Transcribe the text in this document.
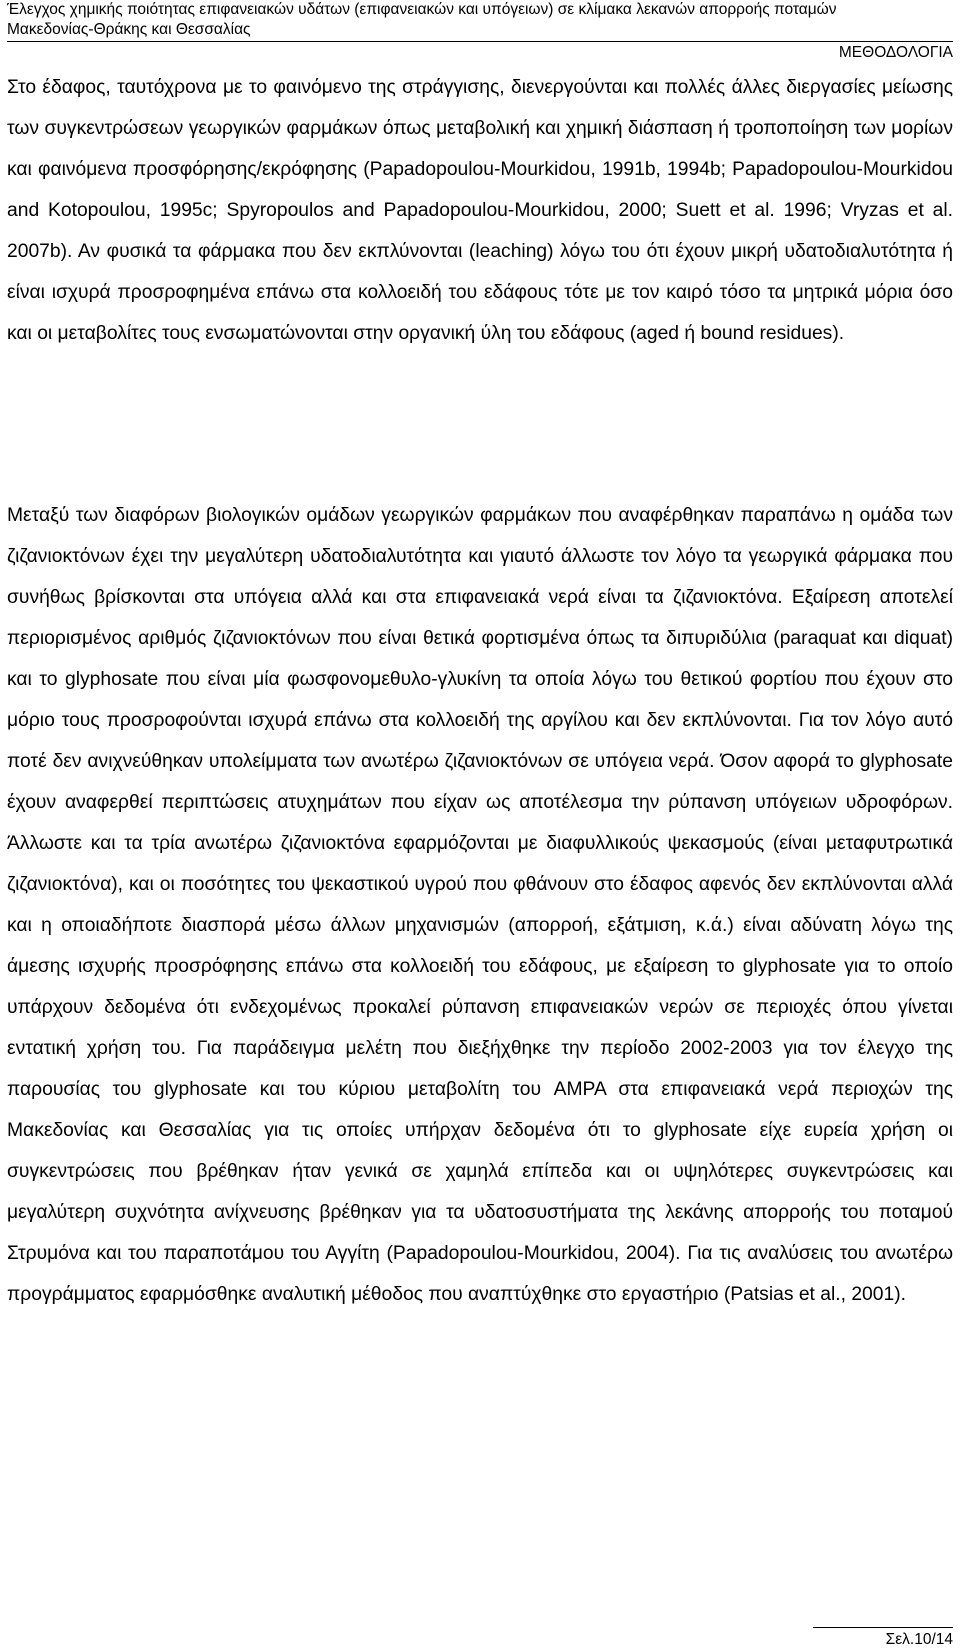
Έλεγχος χημικής ποιότητας επιφανειακών υδάτων (επιφανειακών και υπόγειων) σε κλίμακα λεκανών απορροής ποταμών
Μακεδονίας-Θράκης και Θεσσαλίας
ΜΕΘΟΔΟΛΟΓΙΑ

Στο έδαφος, ταυτόχρονα με το φαινόμενο της στράγγισης, διενεργούνται και πολλές άλλες διεργασίες μείωσης των συγκεντρώσεων γεωργικών φαρμάκων όπως μεταβολική και χημική διάσπαση ή τροποποίηση των μορίων και φαινόμενα προσφόρησης/εκρόφησης (Papadopoulou-Mourkidou, 1991b, 1994b; Papadopoulou-Mourkidou and Kotopoulou, 1995c; Spyropoulos and Papadopoulou-Mourkidou, 2000; Suett et al. 1996; Vryzas et al. 2007b). Αν φυσικά τα φάρμακα που δεν εκπλύνονται (leaching) λόγω του ότι έχουν μικρή υδατοδιαλυτότητα ή είναι ισχυρά προσροφημένα επάνω στα κολλοειδή του εδάφους τότε με τον καιρό τόσο τα μητρικά μόρια όσο και οι μεταβολίτες τους ενσωματώνονται στην οργανική ύλη του εδάφους (aged ή bound residues).

Μεταξύ των διαφόρων βιολογικών ομάδων γεωργικών φαρμάκων που αναφέρθηκαν παραπάνω η ομάδα των ζιζανιοκτόνων έχει την μεγαλύτερη υδατοδιαλυτότητα και γιαυτό άλλωστε τον λόγο τα γεωργικά φάρμακα που συνήθως βρίσκονται στα υπόγεια αλλά και στα επιφανειακά νερά είναι τα ζιζανιοκτόνα. Εξαίρεση αποτελεί περιορισμένος αριθμός ζιζανιοκτόνων που είναι θετικά φορτισμένα όπως τα διπυριδύλια (paraquat και diquat) και το glyphosate που είναι μία φωσφονομεθυλο-γλυκίνη τα οποία λόγω του θετικού φορτίου που έχουν στο μόριο τους προσροφούνται ισχυρά επάνω στα κολλοειδή της αργίλου και δεν εκπλύνονται. Για τον λόγο αυτό ποτέ δεν ανιχνεύθηκαν υπολείμματα των ανωτέρω ζιζανιοκτόνων σε υπόγεια νερά. Όσον αφορά το glyphosate έχουν αναφερθεί περιπτώσεις ατυχημάτων που είχαν ως αποτέλεσμα την ρύπανση υπόγειων υδροφόρων. Άλλωστε και τα τρία ανωτέρω ζιζανιοκτόνα εφαρμόζονται με διαφυλλικούς ψεκασμούς (είναι μεταφυτρωτικά ζιζανιοκτόνα), και οι ποσότητες του ψεκαστικού υγρού που φθάνουν στο έδαφος αφενός δεν εκπλύνονται αλλά και η οποιαδήποτε διασπορά μέσω άλλων μηχανισμών (απορροή, εξάτμιση, κ.ά.) είναι αδύνατη λόγω της άμεσης ισχυρής προσρόφησης επάνω στα κολλοειδή του εδάφους, με εξαίρεση το glyphosate για το οποίο υπάρχουν δεδομένα ότι ενδεχομένως προκαλεί ρύπανση επιφανειακών νερών σε περιοχές όπου γίνεται εντατική χρήση του. Για παράδειγμα μελέτη που διεξήχθηκε την περίοδο 2002-2003 για τον έλεγχο της παρουσίας του glyphosate και του κύριου μεταβολίτη του AMPA στα επιφανειακά νερά περιοχών της Μακεδονίας και Θεσσαλίας για τις οποίες υπήρχαν δεδομένα ότι το glyphosate είχε ευρεία χρήση οι συγκεντρώσεις που βρέθηκαν ήταν γενικά σε χαμηλά επίπεδα και οι υψηλότερες συγκεντρώσεις και μεγαλύτερη συχνότητα ανίχνευσης βρέθηκαν για τα υδατοσυστήματα της λεκάνης απορροής του ποταμού Στρυμόνα και του παραποτάμου του Αγγίτη (Papadopoulou-Mourkidou, 2004). Για τις αναλύσεις του ανωτέρω προγράμματος εφαρμόσθηκε αναλυτική μέθοδος που αναπτύχθηκε στο εργαστήριο (Patsias et al., 2001).

Σελ.10/14
